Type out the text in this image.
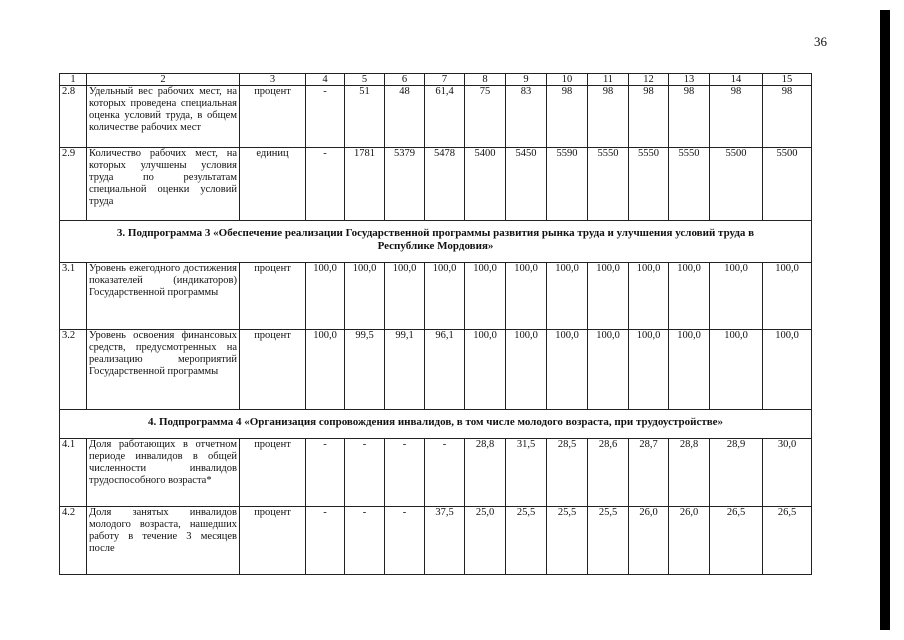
36
1	2	3	4	5	6	7	8	9	10	11	12	13	14	15
2.8	Удельный вес рабочих мест, на которых проведена специальная оценка условий труда, в общем количестве рабочих мест	процент	-	51	48	61,4	75	83	98	98	98	98	98	98
2.9	Количество рабочих мест, на которых улучшены условия труда по результатам специальной оценки условий труда	единиц	-	1781	5379	5478	5400	5450	5590	5550	5550	5550	5500	5500
3. Подпрограмма 3 «Обеспечение реализации Государственной программы развития рынка труда и улучшения условий труда в Республике Мордовия»														
3.1	Уровень ежегодного достижения показателей (индикаторов) Государственной программы	процент	100,0	100,0	100,0	100,0	100,0	100,0	100,0	100,0	100,0	100,0	100,0	100,0
3.2	Уровень освоения финансовых средств, предусмотренных на реализацию мероприятий Государственной программы	процент	100,0	99,5	99,1	96,1	100,0	100,0	100,0	100,0	100,0	100,0	100,0	100,0
4. Подпрограмма 4 «Организация сопровождения инвалидов, в том числе молодого возраста, при трудоустройстве»														
4.1	Доля работающих в отчетном периоде инвалидов в общей численности инвалидов трудоспособного возраста*	процент	-	-	-	-	28,8	31,5	28,5	28,6	28,7	28,8	28,9	30,0
4.2	Доля занятых инвалидов молодого возраста, нашедших работу в течение 3 месяцев после	процент	-	-	-	37,5	25,0	25,5	25,5	25,5	26,0	26,0	26,5	26,5
